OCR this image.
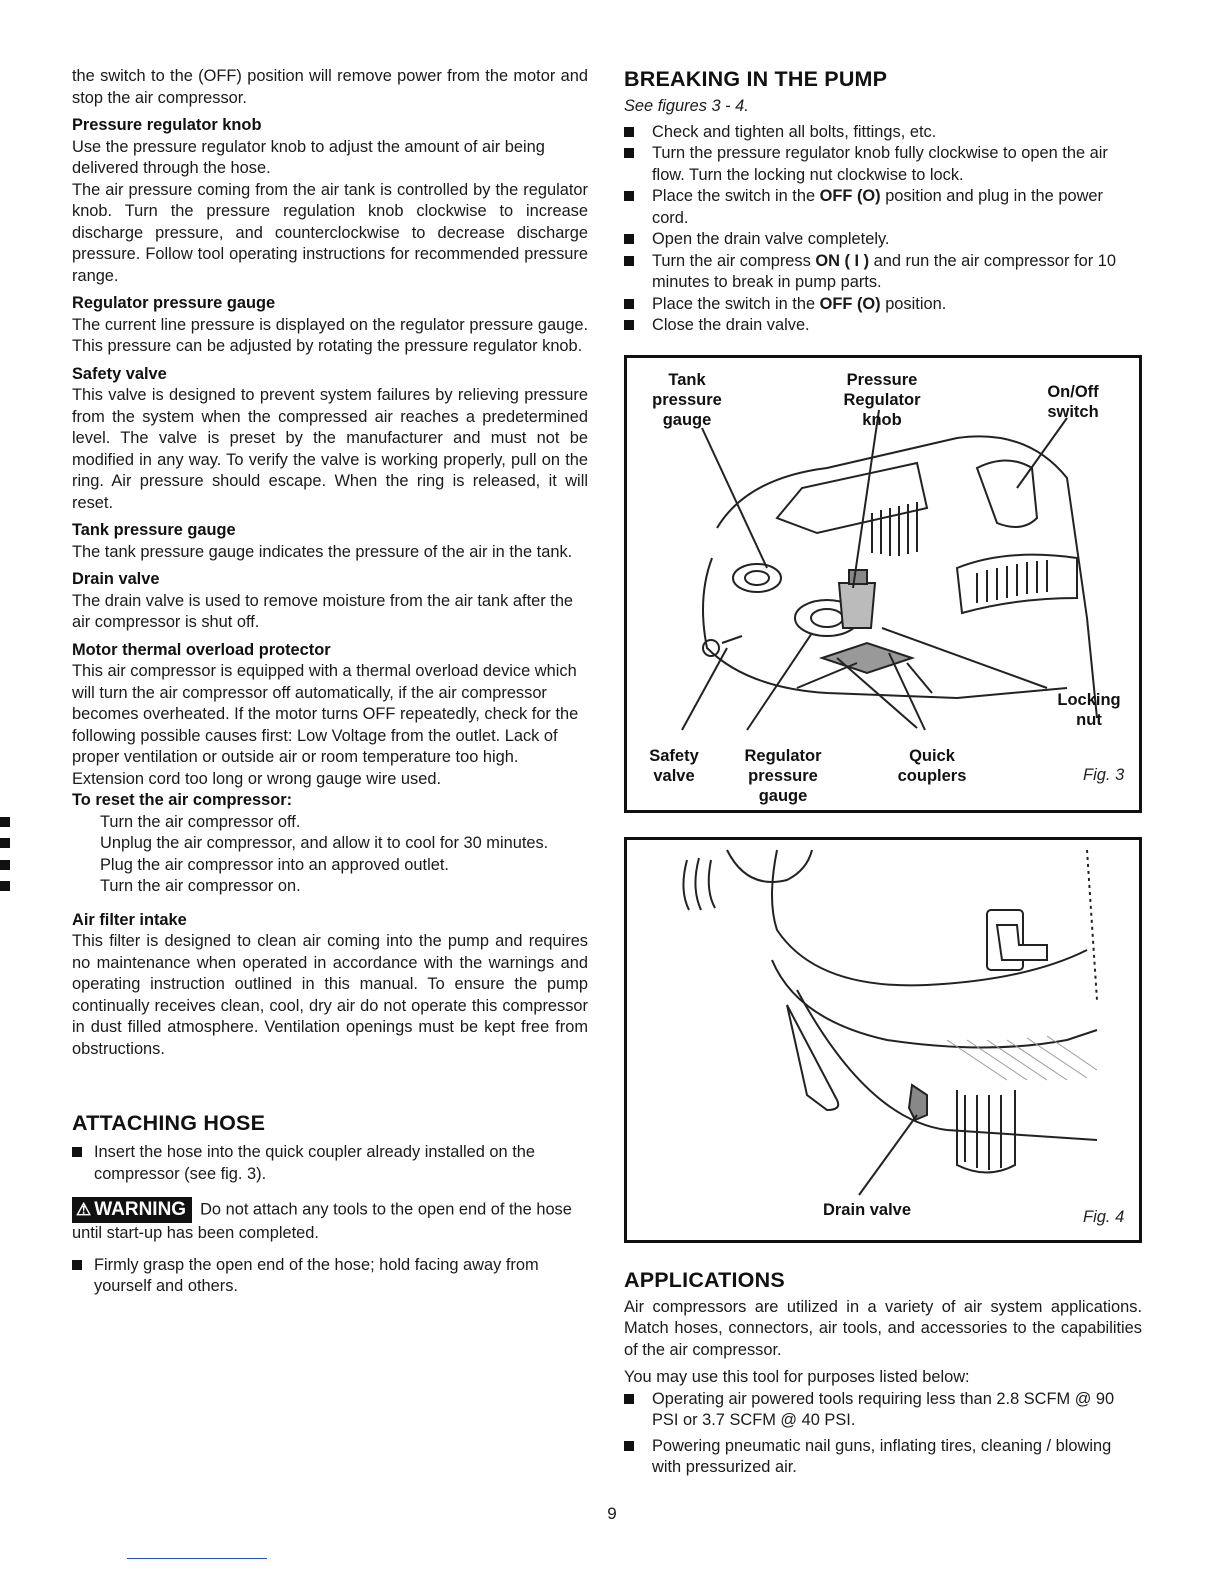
the switch to the (OFF) position will remove power from the motor and stop the air compressor.

Pressure regulator knob

Use the pressure regulator knob to adjust the amount of air being delivered through the hose.

The air pressure coming from the air tank is controlled by the regulator knob. Turn the pressure regulation knob clockwise to increase discharge pressure, and counterclockwise to decrease discharge pressure. Follow tool operating instructions for recommended pressure range.

Regulator pressure gauge

The current line pressure is displayed on the regulator pressure gauge. This pressure can be adjusted by rotating the pressure regulator knob.

Safety valve

This valve is designed to prevent system failures by relieving pressure from the system when the compressed air reaches a predetermined level. The valve is preset by the manufacturer and must not be modified in any way. To verify the valve is working properly, pull on the ring. Air pressure should escape. When the ring is released, it will reset.

Tank pressure gauge

The tank pressure gauge indicates the pressure of the air in the tank.

Drain valve

The drain valve is used to remove moisture from the air tank after the air compressor is shut off.

Motor thermal overload protector

This air compressor is equipped with a thermal overload device which will turn the air compressor off automatically, if the air compressor becomes overheated. If the motor turns OFF repeatedly, check for the following possible causes first: Low Voltage from the outlet. Lack of proper ventilation or outside air or room temperature too high. Extension cord too long or wrong gauge wire used.

To reset the air compressor:
Turn the air compressor off.
Unplug the air compressor, and allow it to cool for 30 minutes.
Plug the air compressor into an approved outlet.
Turn the air compressor on.
Air filter intake

This filter is designed to clean air coming into the pump and requires no maintenance when operated in accordance with the warnings and operating instruction outlined in this manual. To ensure the pump continually receives clean, cool, dry air do not operate this compressor in dust filled atmosphere. Ventilation openings must be kept free from obstructions.

ATTACHING HOSE
Insert the hose into the quick coupler already installed on the compressor (see fig. 3).
⚠ WARNING Do not attach any tools to the open end of the hose until start-up has been completed.
Firmly grasp the open end of the hose; hold facing away from yourself and others.
BREAKING IN THE PUMP

See figures 3 - 4.

Check and tighten all bolts, fittings, etc.
Turn the pressure regulator knob fully clockwise to open the air flow. Turn the locking nut clockwise to lock.
Place the switch in the OFF (O) position and plug in the power cord.
Open the drain valve completely.
Turn the air compress ON ( I ) and run the air compressor for 10 minutes to break in pump parts.
Place the switch in the OFF (O) position.
Close the drain valve.
Tank
pressure
gauge
Pressure
Regulator
knob
On/Off
switch
Locking
nut
Safety
valve
Regulator
pressure
gauge
Quick
couplers	Fig. 3
Drain valve	Fig. 4
APPLICATIONS

Air compressors are utilized in a variety of air system applications. Match hoses, connectors, air tools, and accessories to the capabilities of the air compressor.

You may use this tool for purposes listed below:

Operating air powered tools requiring less than 2.8 SCFM @ 90 PSI or 3.7 SCFM @ 40 PSI.
Powering pneumatic nail guns, inflating tires, cleaning / blowing with pressurized air.
9
